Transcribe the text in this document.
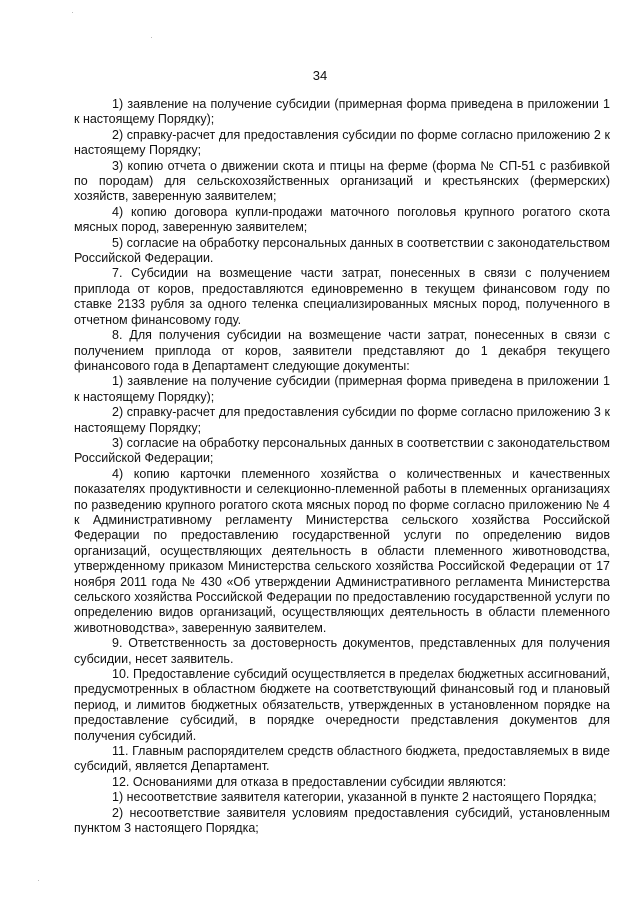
34

1) заявление на получение субсидии (примерная форма приведена в приложении 1 к настоящему Порядку);

2) справку-расчет для предоставления субсидии по форме согласно приложению 2 к настоящему Порядку;

3) копию отчета о движении скота и птицы на ферме (форма № СП-51 с разбивкой по породам) для сельскохозяйственных организаций и крестьянских (фермерских) хозяйств, заверенную заявителем;

4) копию договора купли-продажи маточного поголовья крупного рогатого скота мясных пород, заверенную заявителем;

5) согласие на обработку персональных данных в соответствии с законодательством Российской Федерации.

7. Субсидии на возмещение части затрат, понесенных в связи с получением приплода от коров, предоставляются единовременно в текущем финансовом году по ставке 2133 рубля за одного теленка специализированных мясных пород, полученного в отчетном финансовому году.

8. Для получения субсидии на возмещение части затрат, понесенных в связи с получением приплода от коров, заявители представляют до 1 декабря текущего финансового года в Департамент следующие документы:

1) заявление на получение субсидии (примерная форма приведена в приложении 1 к настоящему Порядку);

2) справку-расчет для предоставления субсидии по форме согласно приложению 3 к настоящему Порядку;

3) согласие на обработку персональных данных в соответствии с законодательством Российской Федерации;

4) копию карточки племенного хозяйства о количественных и качественных показателях продуктивности и селекционно-племенной работы в племенных организациях по разведению крупного рогатого скота мясных пород по форме согласно приложению № 4 к Административному регламенту Министерства сельского хозяйства Российской Федерации по предоставлению государственной услуги по определению видов организаций, осуществляющих деятельность в области племенного животноводства, утвержденному приказом Министерства сельского хозяйства Российской Федерации от 17 ноября 2011 года № 430 «Об утверждении Административного регламента Министерства сельского хозяйства Российской Федерации по предоставлению государственной услуги по определению видов организаций, осуществляющих деятельность в области племенного животноводства», заверенную заявителем.

9. Ответственность за достоверность документов, представленных для получения субсидии, несет заявитель.

10. Предоставление субсидий осуществляется в пределах бюджетных ассигнований, предусмотренных в областном бюджете на соответствующий финансовый год и плановый период, и лимитов бюджетных обязательств, утвержденных в установленном порядке на предоставление субсидий, в порядке очередности представления документов для получения субсидий.

11. Главным распорядителем средств областного бюджета, предоставляемых в виде субсидий, является Департамент.

12. Основаниями для отказа в предоставлении субсидии являются:

1) несоответствие заявителя категории, указанной в пункте 2 настоящего Порядка;

2) несоответствие заявителя условиям предоставления субсидий, установленным пунктом 3 настоящего Порядка;
